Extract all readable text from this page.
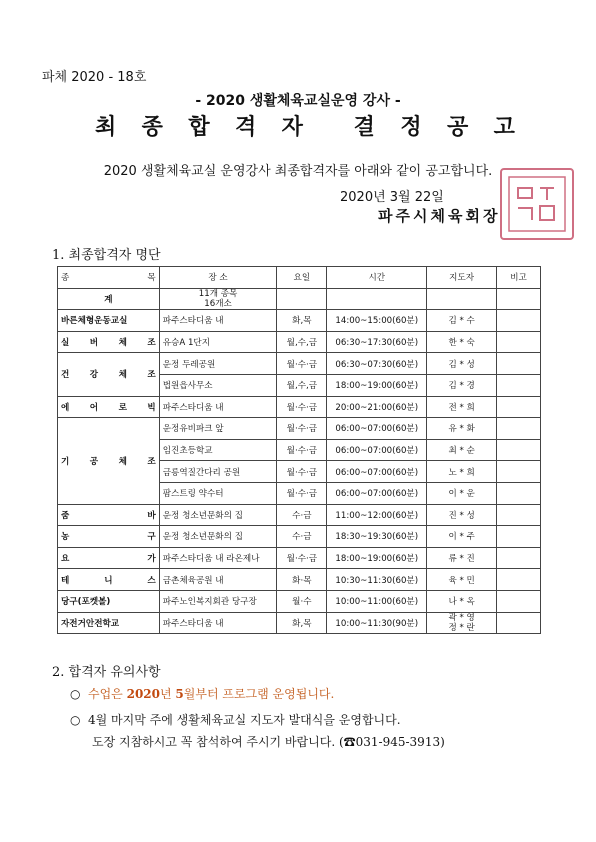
파체 2020 - 18호
- 2020 생활체육교실운영 강사 -
최 종 합 격 자 결 정 공 고
2020 생활체육교실 운영강사 최종합격자를 아래와 같이 공고합니다.
2020년 3월 22일
파주시체육회장
1. 최종합격자 명단
종 목	장 소	요일	시간	지도자	비고
계	11개 종목
16개소				

바른체형운동교실	파주스타디움 내	화,목	14:00~15:00(60분)	김 * 수	
실 버 체 조	유승A 1단지	월,수,금	06:30~17:30(60분)	한 * 숙	
건 강 체 조	운정 두레공원	월·수·금	06:30~07:30(60분)	김 * 성	
	법원읍사무소	월,수,금	18:00~19:00(60분)	김 * 경	
에 어 로 빅	파주스타디움 내	월·수·금	20:00~21:00(60분)	전 * 희	
기 공 체 조	운정유비파크 앞	월·수·금	06:00~07:00(60분)	유 * 화	
	임진초등학교	월·수·금	06:00~07:00(60분)	최 * 순	
	금릉역질간다리 공원	월·수·금	06:00~07:00(60분)	노 * 희	
	팜스트링 약수터	월·수·금	06:00~07:00(60분)	이 * 운	
줌 바	운정 청소년문화의 집	수·금	11:00~12:00(60분)	진 * 성	
농 구	운정 청소년문화의 집	수·금	18:30~19:30(60분)	이 * 주	
요 가	파주스타디움 내 라온제나	월·수·금	18:00~19:00(60분)	류 * 진	
테 니 스	금촌체육공원 내	화·목	10:30~11:30(60분)	육 * 민	
당구(포켓볼)	파주노인복지회관 당구장	월·수	10:00~11:00(60분)	나 * 옥	
자전거안전학교	파주스타디움 내	화,목	10:00~11:30(90분)	곽 * 영
정 * 란	

2. 합격자 유의사항
○ 수업은 2020년 5월부터 프로그램 운영됩니다.
○ 4월 마지막 주에 생활체육교실 지도자 발대식을 운영합니다.
도장 지참하시고 꼭 참석하여 주시기 바랍니다. (☎031-945-3913)
